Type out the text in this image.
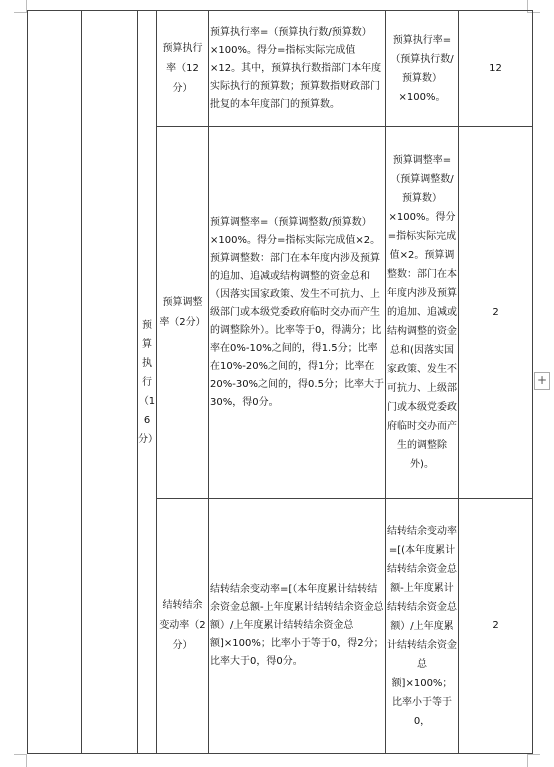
		预算执行（16分）	预算执行率（12分）	预算执行率=（预算执行数/预算数）×100%。得分=指标实际完成值×12。其中，预算执行数指部门本年度实际执行的预算数；预算数指财政部门批复的本年度部门的预算数。	预算执行率=（预算执行数/预算数）×100%。	12
			预算调整率（2分）	预算调整率=（预算调整数/预算数）×100%。得分=指标实际完成值×2。预算调整数：部门在本年度内涉及预算的追加、追减或结构调整的资金总和（因落实国家政策、发生不可抗力、上级部门或本级党委政府临时交办而产生的调整除外）。比率等于0，得满分；比率在0%-10%之间的，得1.5分；比率在10%-20%之间的，得1分；比率在20%-30%之间的，得0.5分；比率大于30%，得0分。	预算调整率=（预算调整数/预算数）×100%。得分=指标实际完成值×2。预算调整数：部门在本年度内涉及预算的追加、追减或结构调整的资金总和(因落实国家政策、发生不可抗力、上级部门或本级党委政府临时交办而产生的调整除外)。	2
			结转结余变动率（2分）	结转结余变动率=[（本年度累计结转结余资金总额-上年度累计结转结余资金总额）/上年度累计结转结余资金总额]×100%；比率小于等于0，得2分；比率大于0，得0分。	结转结余变动率=[(本年度累计结转结余资金总额-上年度累计结转结余资金总额）/上年度累计结转结余资金总额]×100%；比率小于等于0，	2
+
